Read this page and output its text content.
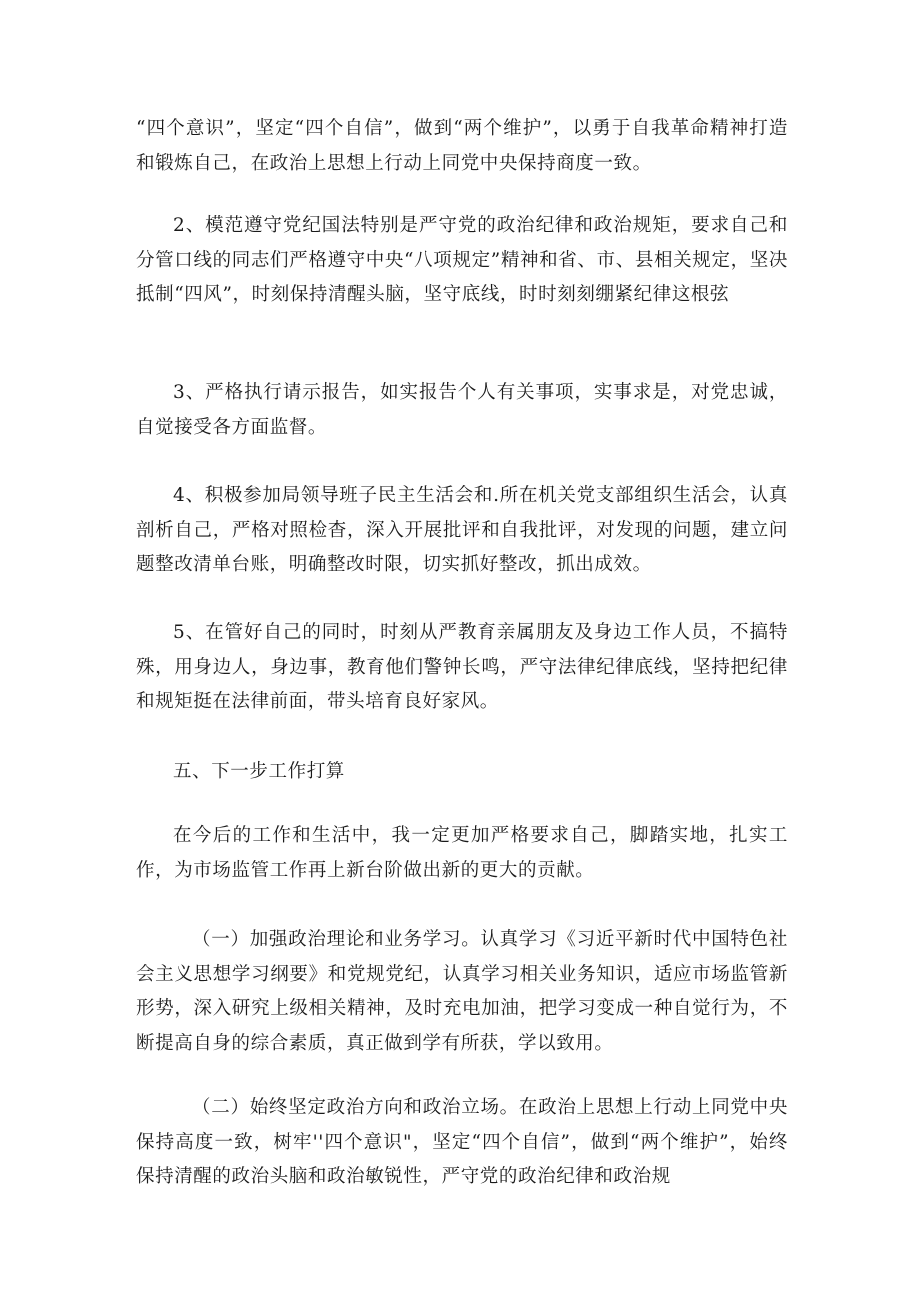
“四个意识”，坚定“四个自信”，做到“两个维护”，以勇于自我革命精神打造和锻炼自己，在政治上思想上行动上同党中央保持商度一致。

2、模范遵守党纪国法特别是严守党的政治纪律和政治规矩，要求自己和分管口线的同志们严格遵守中央“八项规定”精神和省、市、县相关规定，坚决抵制“四风”，时刻保持清醒头脑，坚守底线，时时刻刻绷紧纪律这根弦

3、严格执行请示报告，如实报告个人有关事项，实事求是，对党忠诚，自觉接受各方面监督。

4、积极参加局领导班子民主生活会和.所在机关党支部组织生活会，认真剖析自己，严格对照检杳，深入开展批评和自我批评，对发现的问题，建立问题整改清单台账，明确整改时限，切实抓好整改，抓出成效。

5、在管好自己的同时，时刻从严教育亲属朋友及身边工作人员，不搞特殊，用身边人，身边事，教育他们警钟长鸣，严守法律纪律底线，坚持把纪律和规矩挺在法律前面，带头培育良好家风。

五、下一步工作打算

在今后的工作和生活中，我一定更加严格要求自己，脚踏实地，扎实工作，为市场监管工作再上新台阶做出新的更大的贡献。

（一）加强政治理论和业务学习。认真学习《习近平新时代中国特色社会主义思想学习纲要》和党规党纪，认真学习相关业务知识，适应市场监管新形势，深入研究上级相关精神，及时充电加油，把学习变成一种自觉行为，不断提高自身的综合素质，真正做到学有所获，学以致用。

（二）始终坚定政治方向和政治立场。在政治上思想上行动上同党中央保持高度一致，树牢''四个意识"，坚定“四个自信”，做到“两个维护”，始终保持清醒的政治头脑和政治敏锐性，严守党的政治纪律和政治规
